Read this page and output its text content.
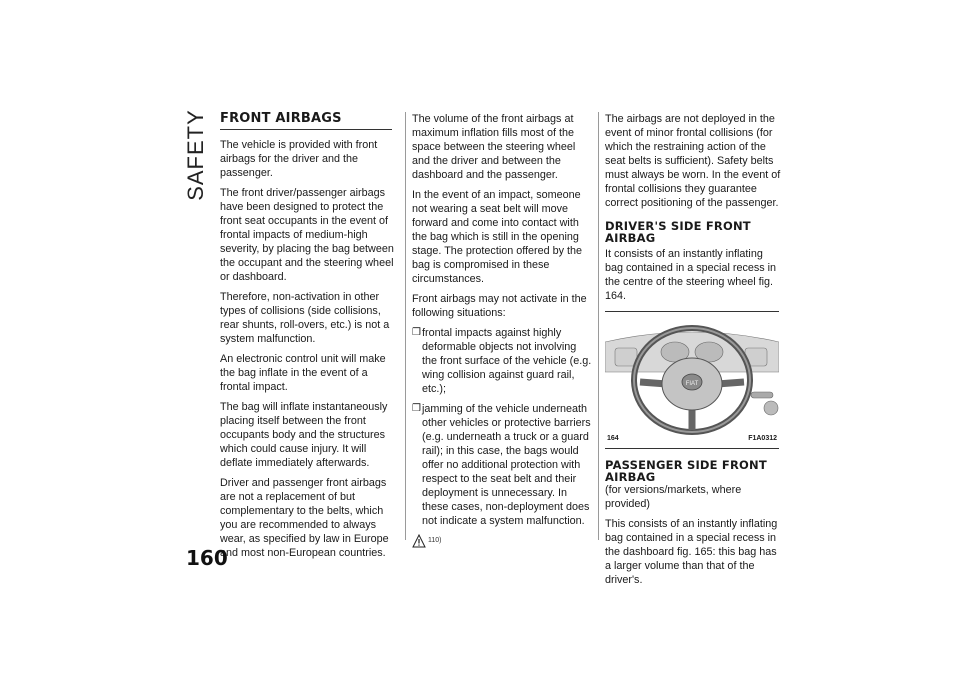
SAFETY FRONT AIRBAGS

The vehicle is provided with front airbags for the driver and the passenger.

The front driver/passenger airbags have been designed to protect the front seat occupants in the event of frontal impacts of medium-high severity, by placing the bag between the occupant and the steering wheel or dashboard.

Therefore, non-activation in other types of collisions (side collisions, rear shunts, roll-overs, etc.) is not a system malfunction.

An electronic control unit will make the bag inflate in the event of a frontal impact.

The bag will inflate instantaneously placing itself between the front occupants body and the structures which could cause injury. It will deflate immediately afterwards.

Driver and passenger front airbags are not a replacement of but complementary to the belts, which you are recommended to always wear, as specified by law in Europe and most non-European countries.

The volume of the front airbags at maximum inflation fills most of the space between the steering wheel and the driver and between the dashboard and the passenger.

In the event of an impact, someone not wearing a seat belt will move forward and come into contact with the bag which is still in the opening stage. The protection offered by the bag is compromised in these circumstances.

Front airbags may not activate in the following situations:

❒ frontal impacts against highly deformable objects not involving the front surface of the vehicle (e.g. wing collision against guard rail, etc.);
❒ jamming of the vehicle underneath other vehicles or protective barriers (e.g. underneath a truck or a guard rail); in this case, the bags would offer no additional protection with respect to the seat belt and their deployment is unnecessary. In these cases, non-deployment does not indicate a system malfunction.
110)

The airbags are not deployed in the event of minor frontal collisions (for which the restraining action of the seat belts is sufficient). Safety belts must always be worn. In the event of frontal collisions they guarantee correct positioning of the passenger.

DRIVER'S SIDE FRONT AIRBAG

It consists of an instantly inflating bag contained in a special recess in the centre of the steering wheel fig. 164.

FIAT
164	F1A0312
PASSENGER SIDE FRONT AIRBAG

(for versions/markets, where provided)

This consists of an instantly inflating bag contained in a special recess in the dashboard fig. 165: this bag has a larger volume than that of the driver's.

160
